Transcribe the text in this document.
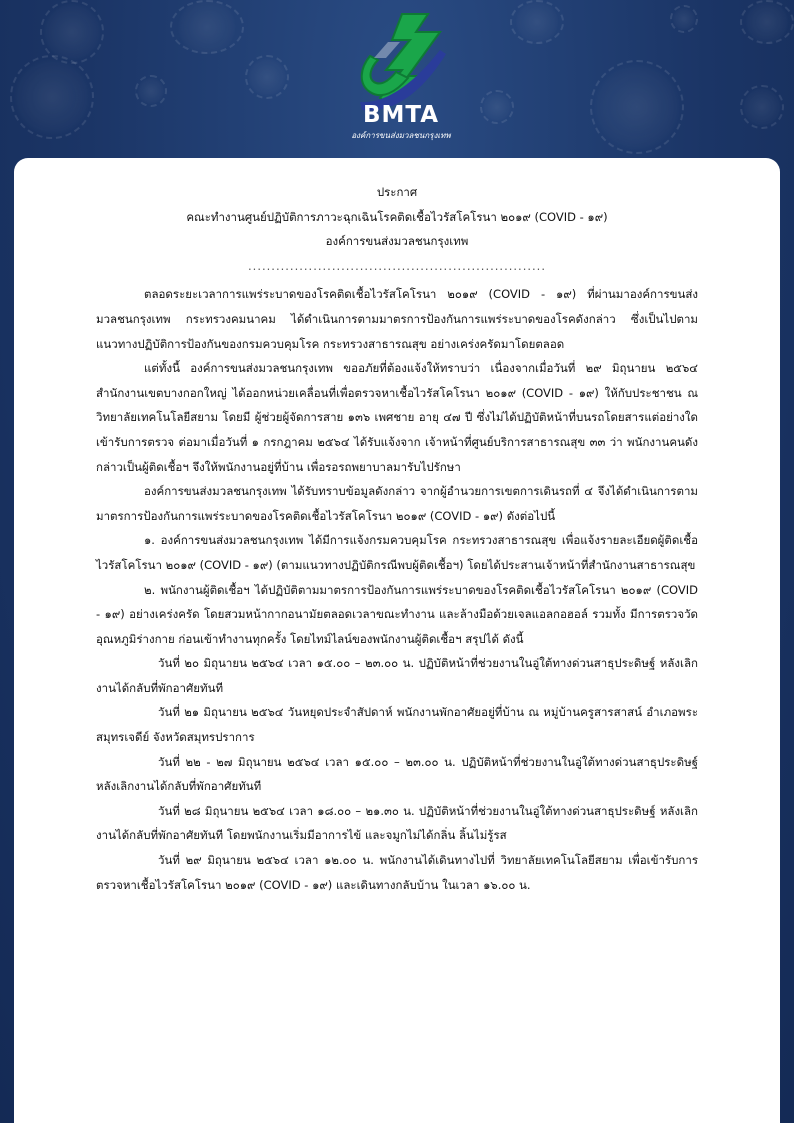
BMTA
องค์การขนส่งมวลชนกรุงเทพ
ประกาศ
คณะทำงานศูนย์ปฏิบัติการภาวะฉุกเฉินโรคติดเชื้อไวรัสโคโรนา ๒๐๑๙ (COVID - ๑๙)
องค์การขนส่งมวลชนกรุงเทพ
................................................................

ตลอดระยะเวลาการแพร่ระบาดของโรคติดเชื้อไวรัสโคโรนา ๒๐๑๙ (COVID - ๑๙) ที่ผ่านมาองค์การขนส่งมวลชนกรุงเทพ กระทรวงคมนาคม ได้ดำเนินการตามมาตรการป้องกันการแพร่ระบาดของโรคดังกล่าว ซึ่งเป็นไปตามแนวทางปฏิบัติการป้องกันของกรมควบคุมโรค กระทรวงสาธารณสุข อย่างเคร่งครัดมาโดยตลอด

แต่ทั้งนี้ องค์การขนส่งมวลชนกรุงเทพ ขออภัยที่ต้องแจ้งให้ทราบว่า เนื่องจากเมื่อวันที่ ๒๙ มิถุนายน ๒๕๖๔ สำนักงานเขตบางกอกใหญ่ ได้ออกหน่วยเคลื่อนที่เพื่อตรวจหาเชื้อไวรัสโคโรนา ๒๐๑๙ (COVID - ๑๙) ให้กับประชาชน ณ วิทยาลัยเทคโนโลยีสยาม โดยมี ผู้ช่วยผู้จัดการสาย ๑๓๖ เพศชาย อายุ ๔๗ ปี ซึ่งไม่ได้ปฏิบัติหน้าที่บนรถโดยสารแต่อย่างใด เข้ารับการตรวจ ต่อมาเมื่อวันที่ ๑ กรกฎาคม ๒๕๖๔ ได้รับแจ้งจาก เจ้าหน้าที่ศูนย์บริการสาธารณสุข ๓๓ ว่า พนักงานคนดังกล่าวเป็นผู้ติดเชื้อฯ จึงให้พนักงานอยู่ที่บ้าน เพื่อรอรถพยาบาลมารับไปรักษา

องค์การขนส่งมวลชนกรุงเทพ ได้รับทราบข้อมูลดังกล่าว จากผู้อำนวยการเขตการเดินรถที่ ๔ จึงได้ดำเนินการตามมาตรการป้องกันการแพร่ระบาดของโรคติดเชื้อไวรัสโคโรนา ๒๐๑๙ (COVID - ๑๙) ดังต่อไปนี้

๑. องค์การขนส่งมวลชนกรุงเทพ ได้มีการแจ้งกรมควบคุมโรค กระทรวงสาธารณสุข เพื่อแจ้งรายละเอียดผู้ติดเชื้อไวรัสโคโรนา ๒๐๑๙ (COVID - ๑๙) (ตามแนวทางปฏิบัติกรณีพบผู้ติดเชื้อฯ) โดยได้ประสานเจ้าหน้าที่สำนักงานสาธารณสุข

๒. พนักงานผู้ติดเชื้อฯ ได้ปฏิบัติตามมาตรการป้องกันการแพร่ระบาดของโรคติดเชื้อไวรัสโคโรนา ๒๐๑๙ (COVID - ๑๙) อย่างเคร่งครัด โดยสวมหน้ากากอนามัยตลอดเวลาขณะทำงาน และล้างมือด้วยเจลแอลกอฮอล์ รวมทั้ง มีการตรวจวัดอุณหภูมิร่างกาย ก่อนเข้าทำงานทุกครั้ง โดยไทม์ไลน์ของพนักงานผู้ติดเชื้อฯ สรุปได้ ดังนี้

วันที่ ๒๐ มิถุนายน ๒๕๖๔ เวลา ๑๕.๐๐ – ๒๓.๐๐ น. ปฏิบัติหน้าที่ช่วยงานในอู่ใต้ทางด่วนสาธุประดิษฐ์ หลังเลิกงานได้กลับที่พักอาศัยทันที

วันที่ ๒๑ มิถุนายน ๒๕๖๔ วันหยุดประจำสัปดาห์ พนักงานพักอาศัยอยู่ที่บ้าน ณ หมู่บ้านครูสารสาสน์ อำเภอพระสมุทรเจดีย์ จังหวัดสมุทรปราการ

วันที่ ๒๒ - ๒๗ มิถุนายน ๒๕๖๔ เวลา ๑๕.๐๐ – ๒๓.๐๐ น. ปฏิบัติหน้าที่ช่วยงานในอู่ใต้ทางด่วนสาธุประดิษฐ์ หลังเลิกงานได้กลับที่พักอาศัยทันที

วันที่ ๒๘ มิถุนายน ๒๕๖๔ เวลา ๑๘.๐๐ – ๒๑.๓๐ น. ปฏิบัติหน้าที่ช่วยงานในอู่ใต้ทางด่วนสาธุประดิษฐ์ หลังเลิกงานได้กลับที่พักอาศัยทันที โดยพนักงานเริ่มมีอาการไข้ และจมูกไม่ได้กลิ่น ลิ้นไม่รู้รส

วันที่ ๒๙ มิถุนายน ๒๕๖๔ เวลา ๑๒.๐๐ น. พนักงานได้เดินทางไปที่ วิทยาลัยเทคโนโลยีสยาม เพื่อเข้ารับการตรวจหาเชื้อไวรัสโคโรนา ๒๐๑๙ (COVID - ๑๙) และเดินทางกลับบ้าน ในเวลา ๑๖.๐๐ น.
